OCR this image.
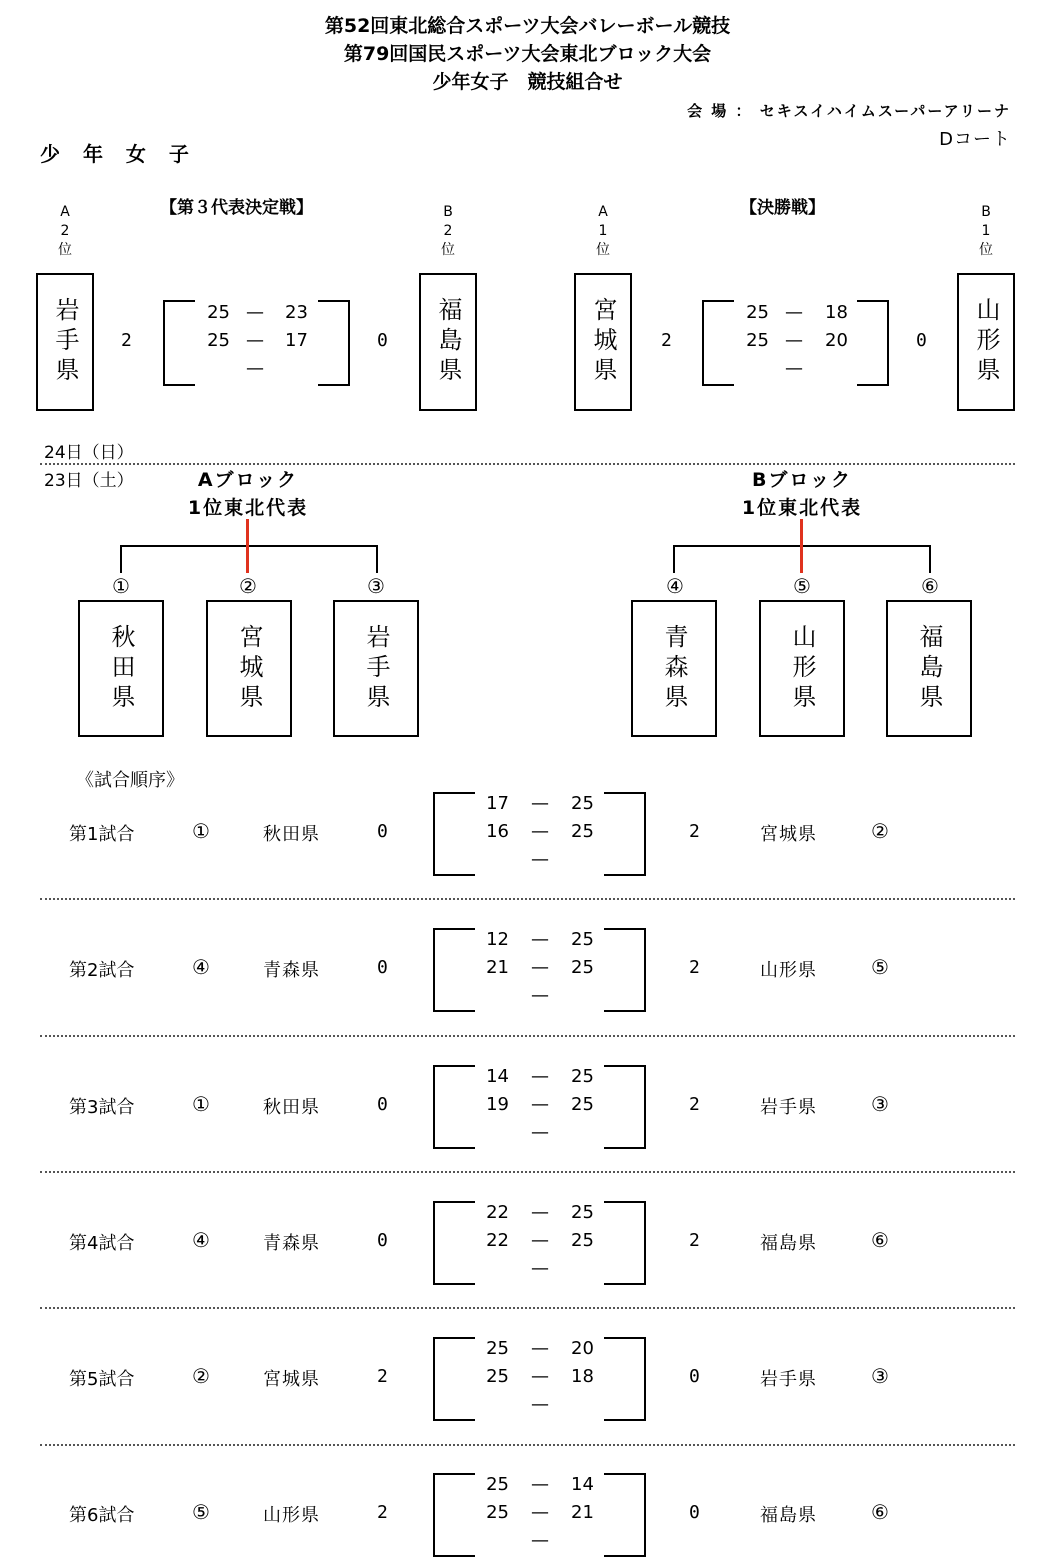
第52回東北総合スポーツ大会バレーボール競技
第79回国民スポーツ大会東北ブロック大会
少年女子　競技組合せ
会 場 ： セキスイハイムスーパーアリーナ
Dコート
少 年 女 子
【第３代表決定戦】
A
2
位
岩手県 2
25 — 23
25 — 17
—
0 福島県
B
2
位
【決勝戦】
A
1
位
宮城県 2
25 — 18
25 — 20
—
0 山形県
B
1
位
24日（日）
23日（土）	Aブロック
1位東北代表
①	②	③
秋田県	宮城県	岩手県
Bブロック
1位東北代表
④	⑤	⑥
青森県	山形県	福島県
《試合順序》
第1試合	①	秋田県	0
17 — 25
16 — 25
—
2	宮城県	②
第2試合	④	青森県	0
12 — 25
21 — 25
—
2	山形県	⑤
第3試合	①	秋田県	0
14 — 25
19 — 25
—
2	岩手県	③
第4試合	④	青森県	0
22 — 25
22 — 25
—
2	福島県	⑥
第5試合	②	宮城県	2
25 — 20
25 — 18
—
0	岩手県	③
第6試合	⑤	山形県	2
25 — 14
25 — 21
—
0	福島県	⑥
